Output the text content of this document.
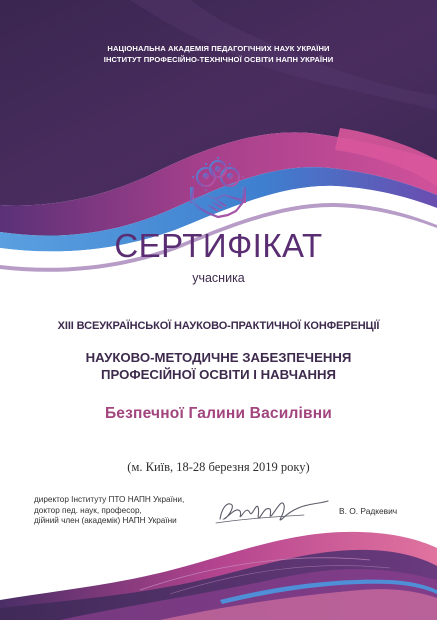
НАЦІОНАЛЬНА АКАДЕМІЯ ПЕДАГОГІЧНИХ НАУК УКРАЇНИ

ІНСТИТУТ ПРОФЕСІЙНО-ТЕХНІЧНОЇ ОСВІТИ НАПН УКРАЇНИ

СЕРТИФІКАТ

учасника

XIII ВСЕУКРАЇНСЬКОЇ НАУКОВО-ПРАКТИЧНОЇ КОНФЕРЕНЦІЇ

НАУКОВО-МЕТОДИЧНЕ ЗАБЕЗПЕЧЕННЯ

ПРОФЕСІЙНОЇ ОСВІТИ І НАВЧАННЯ

Безпечної Галини Василівни

(м. Київ, 18-28 березня 2019 року)

директор Інституту ПТО НАПН України,
доктор пед. наук, професор,
дійний член (академік) НАПН України

В. О. Радкевич
